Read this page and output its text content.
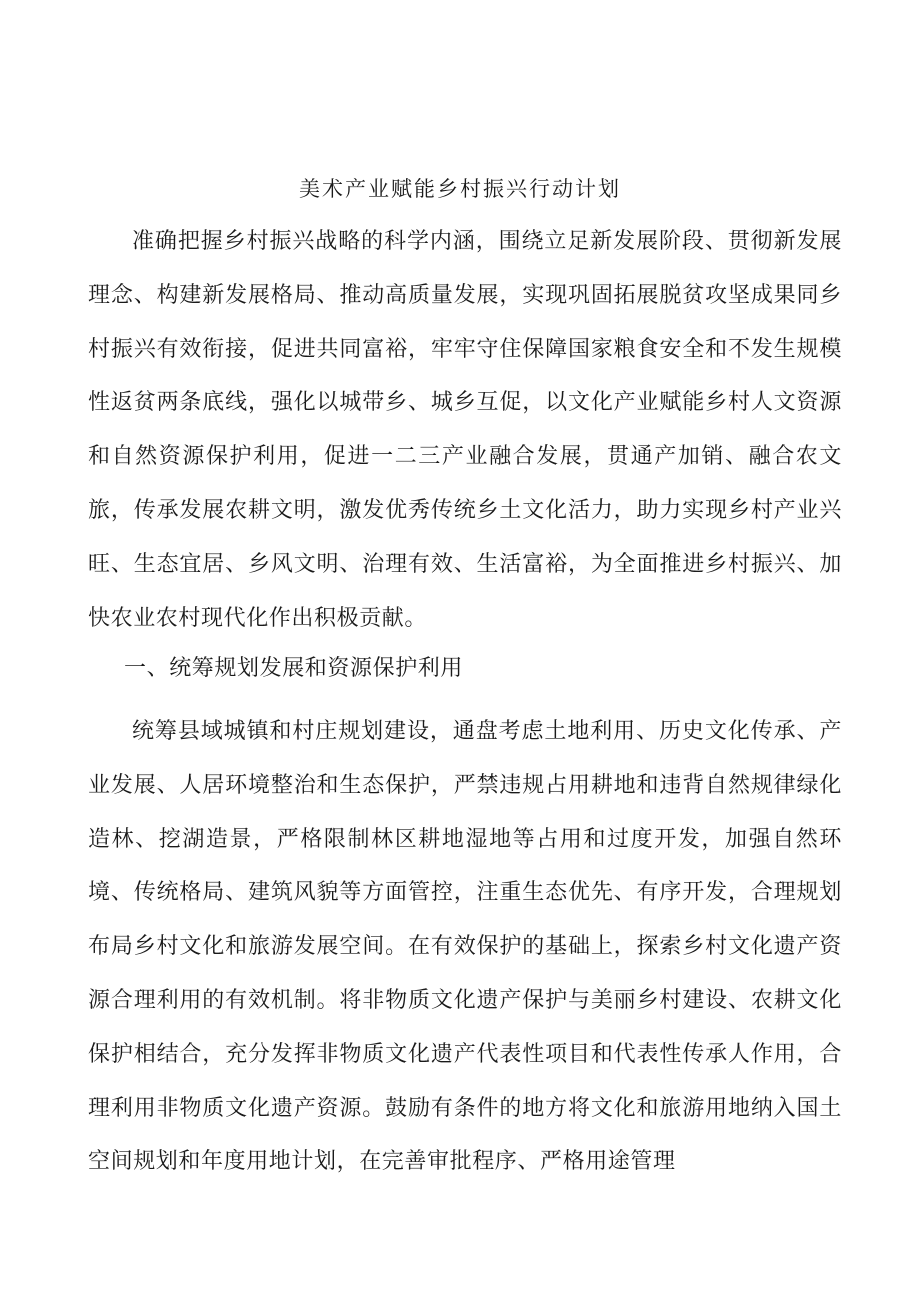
美术产业赋能乡村振兴行动计划

准确把握乡村振兴战略的科学内涵，围绕立足新发展阶段、贯彻新发展理念、构建新发展格局、推动高质量发展，实现巩固拓展脱贫攻坚成果同乡村振兴有效衔接，促进共同富裕，牢牢守住保障国家粮食安全和不发生规模性返贫两条底线，强化以城带乡、城乡互促，以文化产业赋能乡村人文资源和自然资源保护利用，促进一二三产业融合发展，贯通产加销、融合农文旅，传承发展农耕文明，激发优秀传统乡土文化活力，助力实现乡村产业兴旺、生态宜居、乡风文明、治理有效、生活富裕，为全面推进乡村振兴、加快农业农村现代化作出积极贡献。

一、统筹规划发展和资源保护利用

统筹县域城镇和村庄规划建设，通盘考虑土地利用、历史文化传承、产业发展、人居环境整治和生态保护，严禁违规占用耕地和违背自然规律绿化造林、挖湖造景，严格限制林区耕地湿地等占用和过度开发，加强自然环境、传统格局、建筑风貌等方面管控，注重生态优先、有序开发，合理规划布局乡村文化和旅游发展空间。在有效保护的基础上，探索乡村文化遗产资源合理利用的有效机制。将非物质文化遗产保护与美丽乡村建设、农耕文化保护相结合，充分发挥非物质文化遗产代表性项目和代表性传承人作用，合理利用非物质文化遗产资源。鼓励有条件的地方将文化和旅游用地纳入国土空间规划和年度用地计划，在完善审批程序、严格用途管理
